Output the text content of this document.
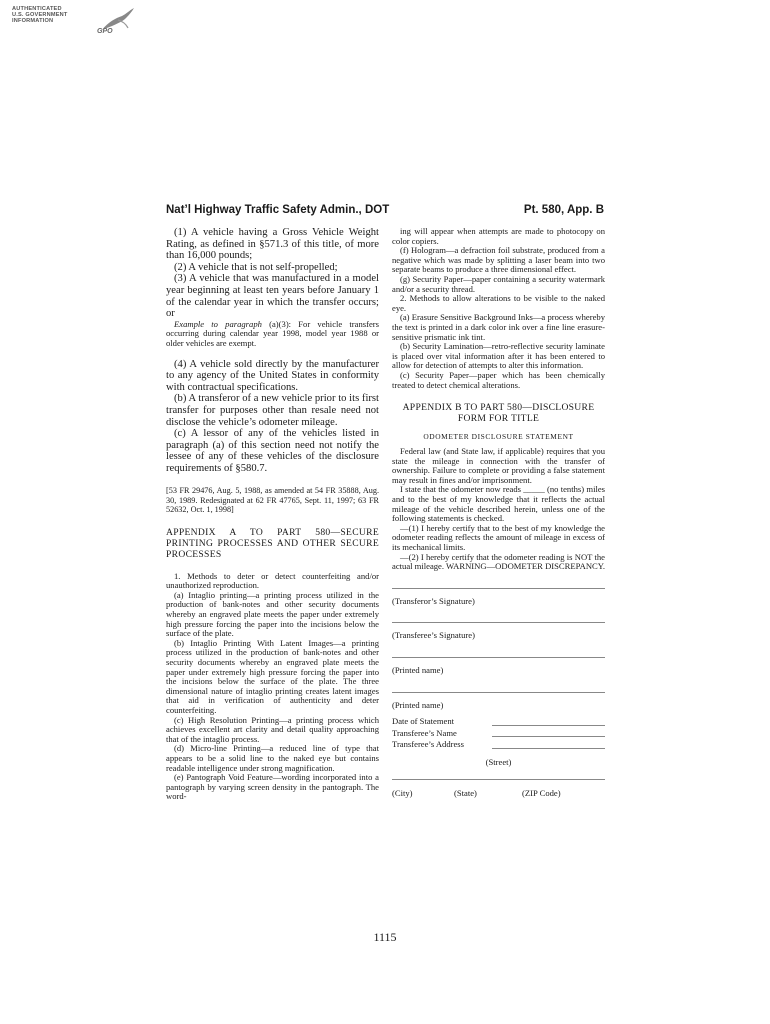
AUTHENTICATED
U.S. GOVERNMENT
INFORMATION
GPO
Nat’l Highway Traffic Safety Admin., DOT	Pt. 580, App. B

(1) A vehicle having a Gross Vehicle Weight Rating, as defined in §571.3 of this title, of more than 16,000 pounds;

(2) A vehicle that is not self-propelled;

(3) A vehicle that was manufactured in a model year beginning at least ten years before January 1 of the calendar year in which the transfer occurs; or

Example to paragraph (a)(3): For vehicle transfers occurring during calendar year 1998, model year 1988 or older vehicles are exempt.

(4) A vehicle sold directly by the manufacturer to any agency of the United States in conformity with contractual specifications.

(b) A transferor of a new vehicle prior to its first transfer for purposes other than resale need not disclose the vehicle’s odometer mileage.

(c) A lessor of any of the vehicles listed in paragraph (a) of this section need not notify the lessee of any of these vehicles of the disclosure requirements of §580.7.

[53 FR 29476, Aug. 5, 1988, as amended at 54 FR 35888, Aug. 30, 1989. Redesignated at 62 FR 47765, Sept. 11, 1997; 63 FR 52632, Oct. 1, 1998]

APPENDIX A TO PART 580—SECURE PRINTING PROCESSES AND OTHER SECURE PROCESSES

1. Methods to deter or detect counterfeiting and/or unauthorized reproduction.

(a) Intaglio printing—a printing process utilized in the production of bank-notes and other security documents whereby an engraved plate meets the paper under extremely high pressure forcing the paper into the incisions below the surface of the plate.

(b) Intaglio Printing With Latent Images—a printing process utilized in the production of bank-notes and other security documents whereby an engraved plate meets the paper under extremely high pressure forcing the paper into the incisions below the surface of the plate. The three dimensional nature of intaglio printing creates latent images that aid in verification of authenticity and deter counterfeiting.

(c) High Resolution Printing—a printing process which achieves excellent art clarity and detail quality approaching that of the intaglio process.

(d) Micro-line Printing—a reduced line of type that appears to be a solid line to the naked eye but contains readable intelligence under strong magnification.

(e) Pantograph Void Feature—wording incorporated into a pantograph by varying screen density in the pantograph. The word-

ing will appear when attempts are made to photocopy on color copiers.

(f) Hologram—a defraction foil substrate, produced from a negative which was made by splitting a laser beam into two separate beams to produce a three dimensional effect.

(g) Security Paper—paper containing a security watermark and/or a security thread.

2. Methods to allow alterations to be visible to the naked eye.

(a) Erasure Sensitive Background Inks—a process whereby the text is printed in a dark color ink over a fine line erasure-sensitive prismatic ink tint.

(b) Security Lamination—retro-reflective security laminate is placed over vital information after it has been entered to allow for detection of attempts to alter this information.

(c) Security Paper—paper which has been chemically treated to detect chemical alterations.

APPENDIX B TO PART 580—DISCLOSURE FORM FOR TITLE

ODOMETER DISCLOSURE STATEMENT

Federal law (and State law, if applicable) requires that you state the mileage in connection with the transfer of ownership. Failure to complete or providing a false statement may result in fines and/or imprisonment.

I state that the odometer now reads _____ (no tenths) miles and to the best of my knowledge that it reflects the actual mileage of the vehicle described herein, unless one of the following statements is checked.

—(1) I hereby certify that to the best of my knowledge the odometer reading reflects the amount of mileage in excess of its mechanical limits.

—(2) I hereby certify that the odometer reading is NOT the actual mileage. WARNING—ODOMETER DISCREPANCY.

(Transferor’s Signature)
(Transferee’s Signature)
(Printed name)
(Printed name)
Date of Statement
Transferee’s Name
Transferee’s Address
(Street)
(City)	(State)	(ZIP Code)
1115
